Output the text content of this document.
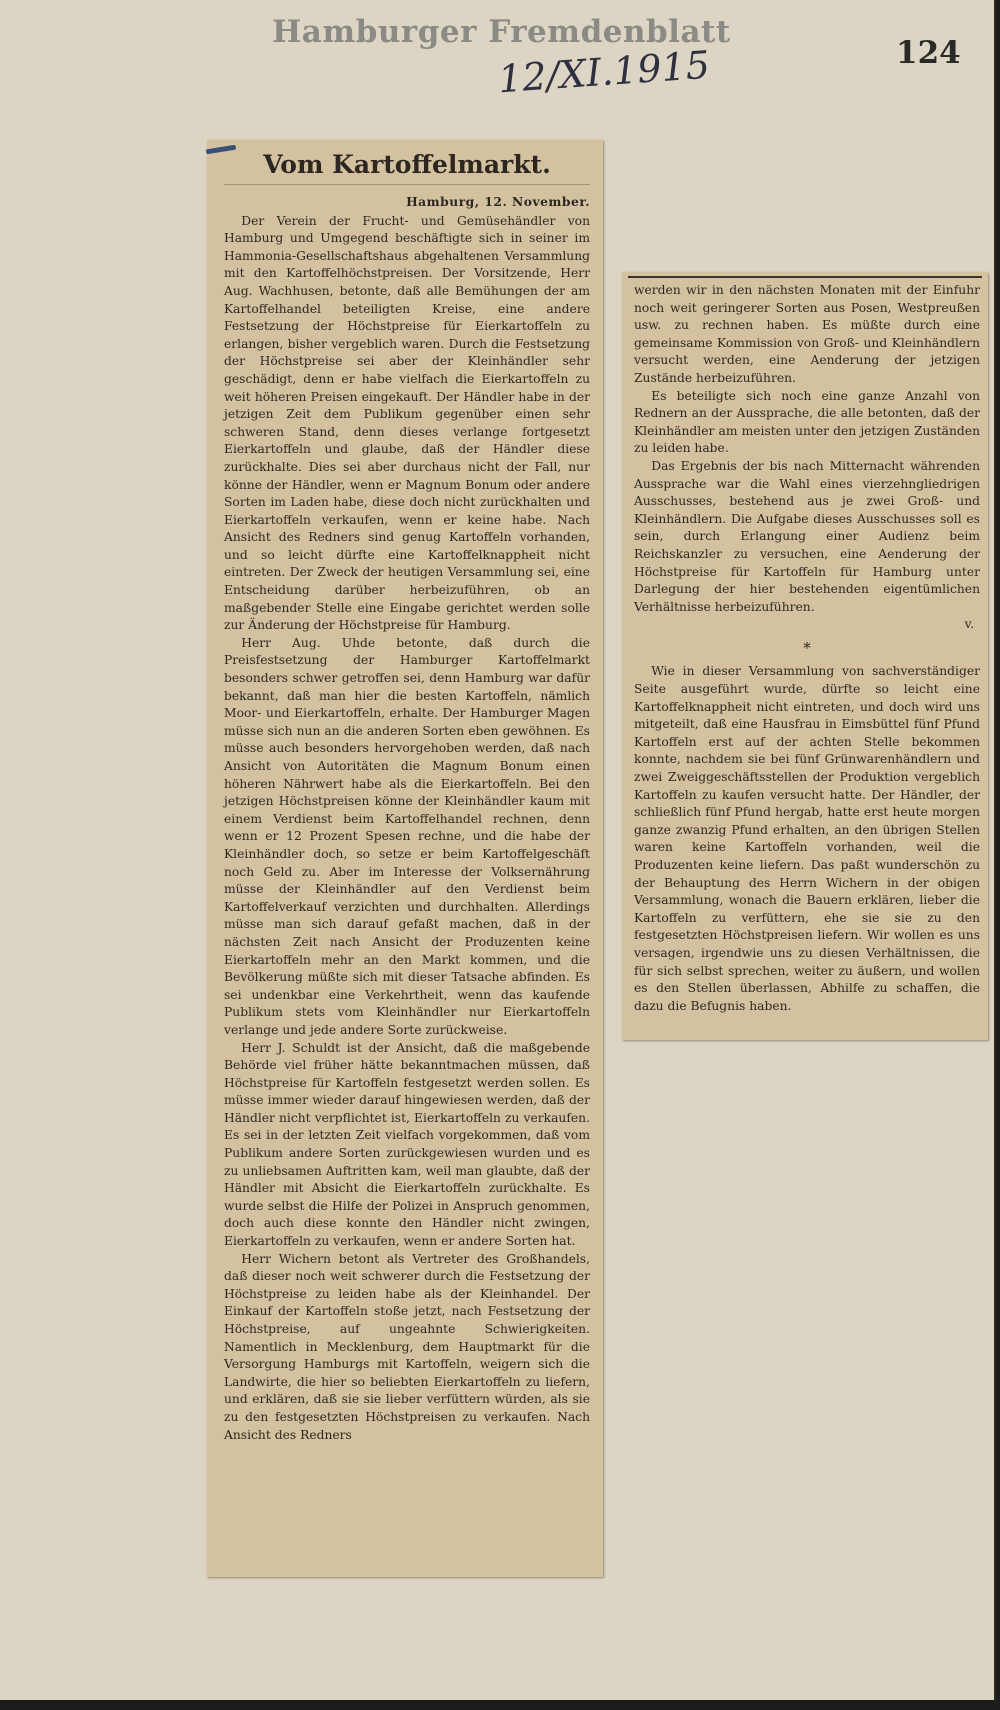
Hamburger Fremdenblatt
12/XI.1915	124
Vom Kartoffelmarkt.
Hamburg, 12. November.

Der Verein der Frucht- und Gemüsehändler von Hamburg und Umgegend beschäftigte sich in seiner im Hammonia-Gesellschaftshaus abgehaltenen Versammlung mit den Kartoffelhöchstpreisen. Der Vorsitzende, Herr Aug. Wachhusen, betonte, daß alle Bemühungen der am Kartoffelhandel beteiligten Kreise, eine andere Festsetzung der Höchstpreise für Eierkartoffeln zu erlangen, bisher vergeblich waren. Durch die Festsetzung der Höchstpreise sei aber der Kleinhändler sehr geschädigt, denn er habe vielfach die Eierkartoffeln zu weit höheren Preisen eingekauft. Der Händler habe in der jetzigen Zeit dem Publikum gegenüber einen sehr schweren Stand, denn dieses verlange fortgesetzt Eierkartoffeln und glaube, daß der Händler diese zurückhalte. Dies sei aber durchaus nicht der Fall, nur könne der Händler, wenn er Magnum Bonum oder andere Sorten im Laden habe, diese doch nicht zurückhalten und Eierkartoffeln verkaufen, wenn er keine habe. Nach Ansicht des Redners sind genug Kartoffeln vorhanden, und so leicht dürfte eine Kartoffelknappheit nicht eintreten. Der Zweck der heutigen Versammlung sei, eine Entscheidung darüber herbeizuführen, ob an maßgebender Stelle eine Eingabe gerichtet werden solle zur Änderung der Höchstpreise für Hamburg.

Herr Aug. Uhde betonte, daß durch die Preisfestsetzung der Hamburger Kartoffelmarkt besonders schwer getroffen sei, denn Hamburg war dafür bekannt, daß man hier die besten Kartoffeln, nämlich Moor- und Eierkartoffeln, erhalte. Der Hamburger Magen müsse sich nun an die anderen Sorten eben gewöhnen. Es müsse auch besonders hervorgehoben werden, daß nach Ansicht von Autoritäten die Magnum Bonum einen höheren Nährwert habe als die Eierkartoffeln. Bei den jetzigen Höchstpreisen könne der Kleinhändler kaum mit einem Verdienst beim Kartoffelhandel rechnen, denn wenn er 12 Prozent Spesen rechne, und die habe der Kleinhändler doch, so setze er beim Kartoffelgeschäft noch Geld zu. Aber im Interesse der Volksernährung müsse der Kleinhändler auf den Verdienst beim Kartoffelverkauf verzichten und durchhalten. Allerdings müsse man sich darauf gefaßt machen, daß in der nächsten Zeit nach Ansicht der Produzenten keine Eierkartoffeln mehr an den Markt kommen, und die Bevölkerung müßte sich mit dieser Tatsache abfinden. Es sei undenkbar eine Verkehrtheit, wenn das kaufende Publikum stets vom Kleinhändler nur Eierkartoffeln verlange und jede andere Sorte zurückweise.

Herr J. Schuldt ist der Ansicht, daß die maßgebende Behörde viel früher hätte bekanntmachen müssen, daß Höchstpreise für Kartoffeln festgesetzt werden sollen. Es müsse immer wieder darauf hingewiesen werden, daß der Händler nicht verpflichtet ist, Eierkartoffeln zu verkaufen. Es sei in der letzten Zeit vielfach vorgekommen, daß vom Publikum andere Sorten zurückgewiesen wurden und es zu unliebsamen Auftritten kam, weil man glaubte, daß der Händler mit Absicht die Eierkartoffeln zurückhalte. Es wurde selbst die Hilfe der Polizei in Anspruch genommen, doch auch diese konnte den Händler nicht zwingen, Eierkartoffeln zu verkaufen, wenn er andere Sorten hat.

Herr Wichern betont als Vertreter des Großhandels, daß dieser noch weit schwerer durch die Festsetzung der Höchstpreise zu leiden habe als der Kleinhandel. Der Einkauf der Kartoffeln stoße jetzt, nach Festsetzung der Höchstpreise, auf ungeahnte Schwierigkeiten. Namentlich in Mecklenburg, dem Hauptmarkt für die Versorgung Hamburgs mit Kartoffeln, weigern sich die Landwirte, die hier so beliebten Eierkartoffeln zu liefern, und erklären, daß sie sie lieber verfüttern würden, als sie zu den festgesetzten Höchstpreisen zu verkaufen. Nach Ansicht des Redners

werden wir in den nächsten Monaten mit der Einfuhr noch weit geringerer Sorten aus Posen, Westpreußen usw. zu rechnen haben. Es müßte durch eine gemeinsame Kommission von Groß- und Kleinhändlern versucht werden, eine Aenderung der jetzigen Zustände herbeizuführen.

Es beteiligte sich noch eine ganze Anzahl von Rednern an der Aussprache, die alle betonten, daß der Kleinhändler am meisten unter den jetzigen Zuständen zu leiden habe.

Das Ergebnis der bis nach Mitternacht währenden Aussprache war die Wahl eines vierzehngliedrigen Ausschusses, bestehend aus je zwei Groß- und Kleinhändlern. Die Aufgabe dieses Ausschusses soll es sein, durch Erlangung einer Audienz beim Reichskanzler zu versuchen, eine Aenderung der Höchstpreise für Kartoffeln für Hamburg unter Darlegung der hier bestehenden eigentümlichen Verhältnisse herbeizuführen.

v.
*

Wie in dieser Versammlung von sachverständiger Seite ausgeführt wurde, dürfte so leicht eine Kartoffelknappheit nicht eintreten, und doch wird uns mitgeteilt, daß eine Hausfrau in Eimsbüttel fünf Pfund Kartoffeln erst auf der achten Stelle bekommen konnte, nachdem sie bei fünf Grünwarenhändlern und zwei Zweiggeschäftsstellen der Produktion vergeblich Kartoffeln zu kaufen versucht hatte. Der Händler, der schließlich fünf Pfund hergab, hatte erst heute morgen ganze zwanzig Pfund erhalten, an den übrigen Stellen waren keine Kartoffeln vorhanden, weil die Produzenten keine liefern. Das paßt wunderschön zu der Behauptung des Herrn Wichern in der obigen Versammlung, wonach die Bauern erklären, lieber die Kartoffeln zu verfüttern, ehe sie sie zu den festgesetzten Höchstpreisen liefern. Wir wollen es uns versagen, irgendwie uns zu diesen Verhältnissen, die für sich selbst sprechen, weiter zu äußern, und wollen es den Stellen überlassen, Abhilfe zu schaffen, die dazu die Befugnis haben.
